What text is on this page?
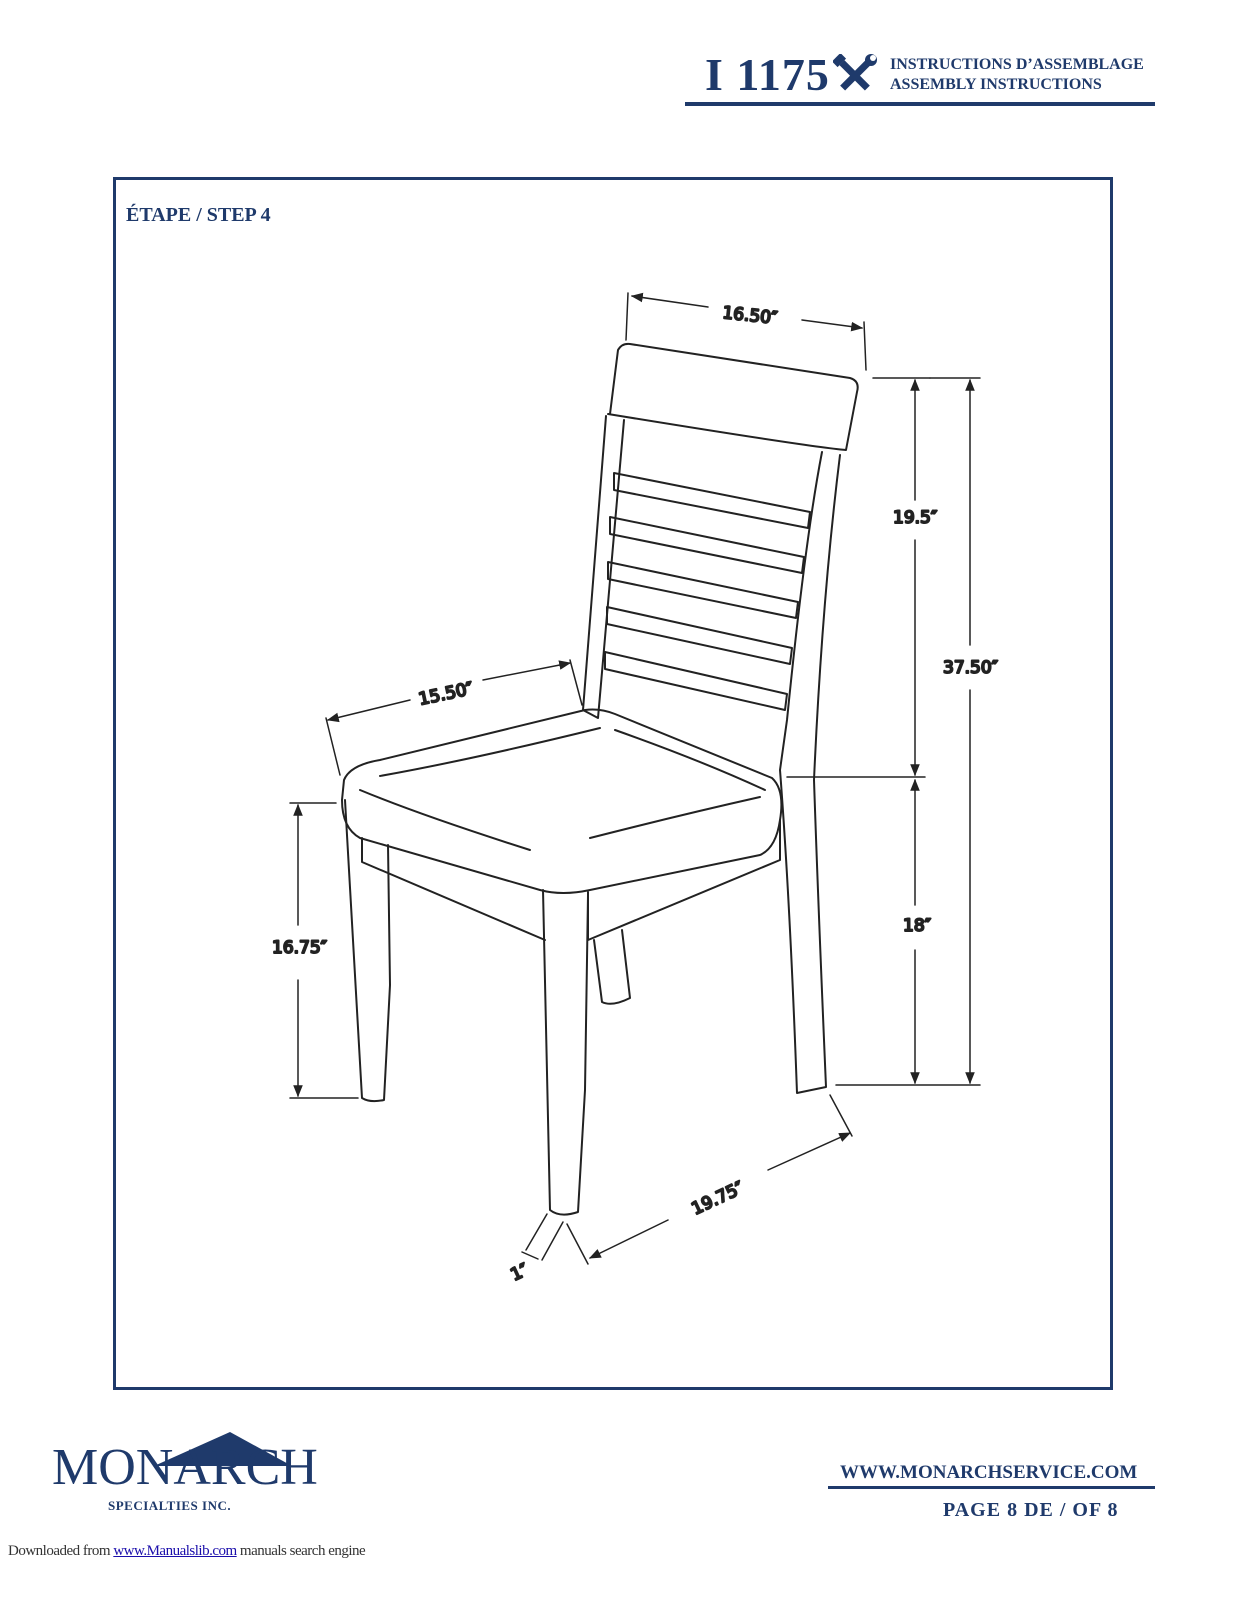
I 1175	INSTRUCTIONS D’ASSEMBLAGE
ASSEMBLY INSTRUCTIONS
ÉTAPE / STEP 4
16.50″
19.5″
37.50″
18″
15.50″
16.75″
19.75″
1″
MONARCH
SPECIALTIES INC.
WWW.MONARCHSERVICE.COM
PAGE 8 DE / OF 8
Downloaded from www.Manualslib.com manuals search engine
